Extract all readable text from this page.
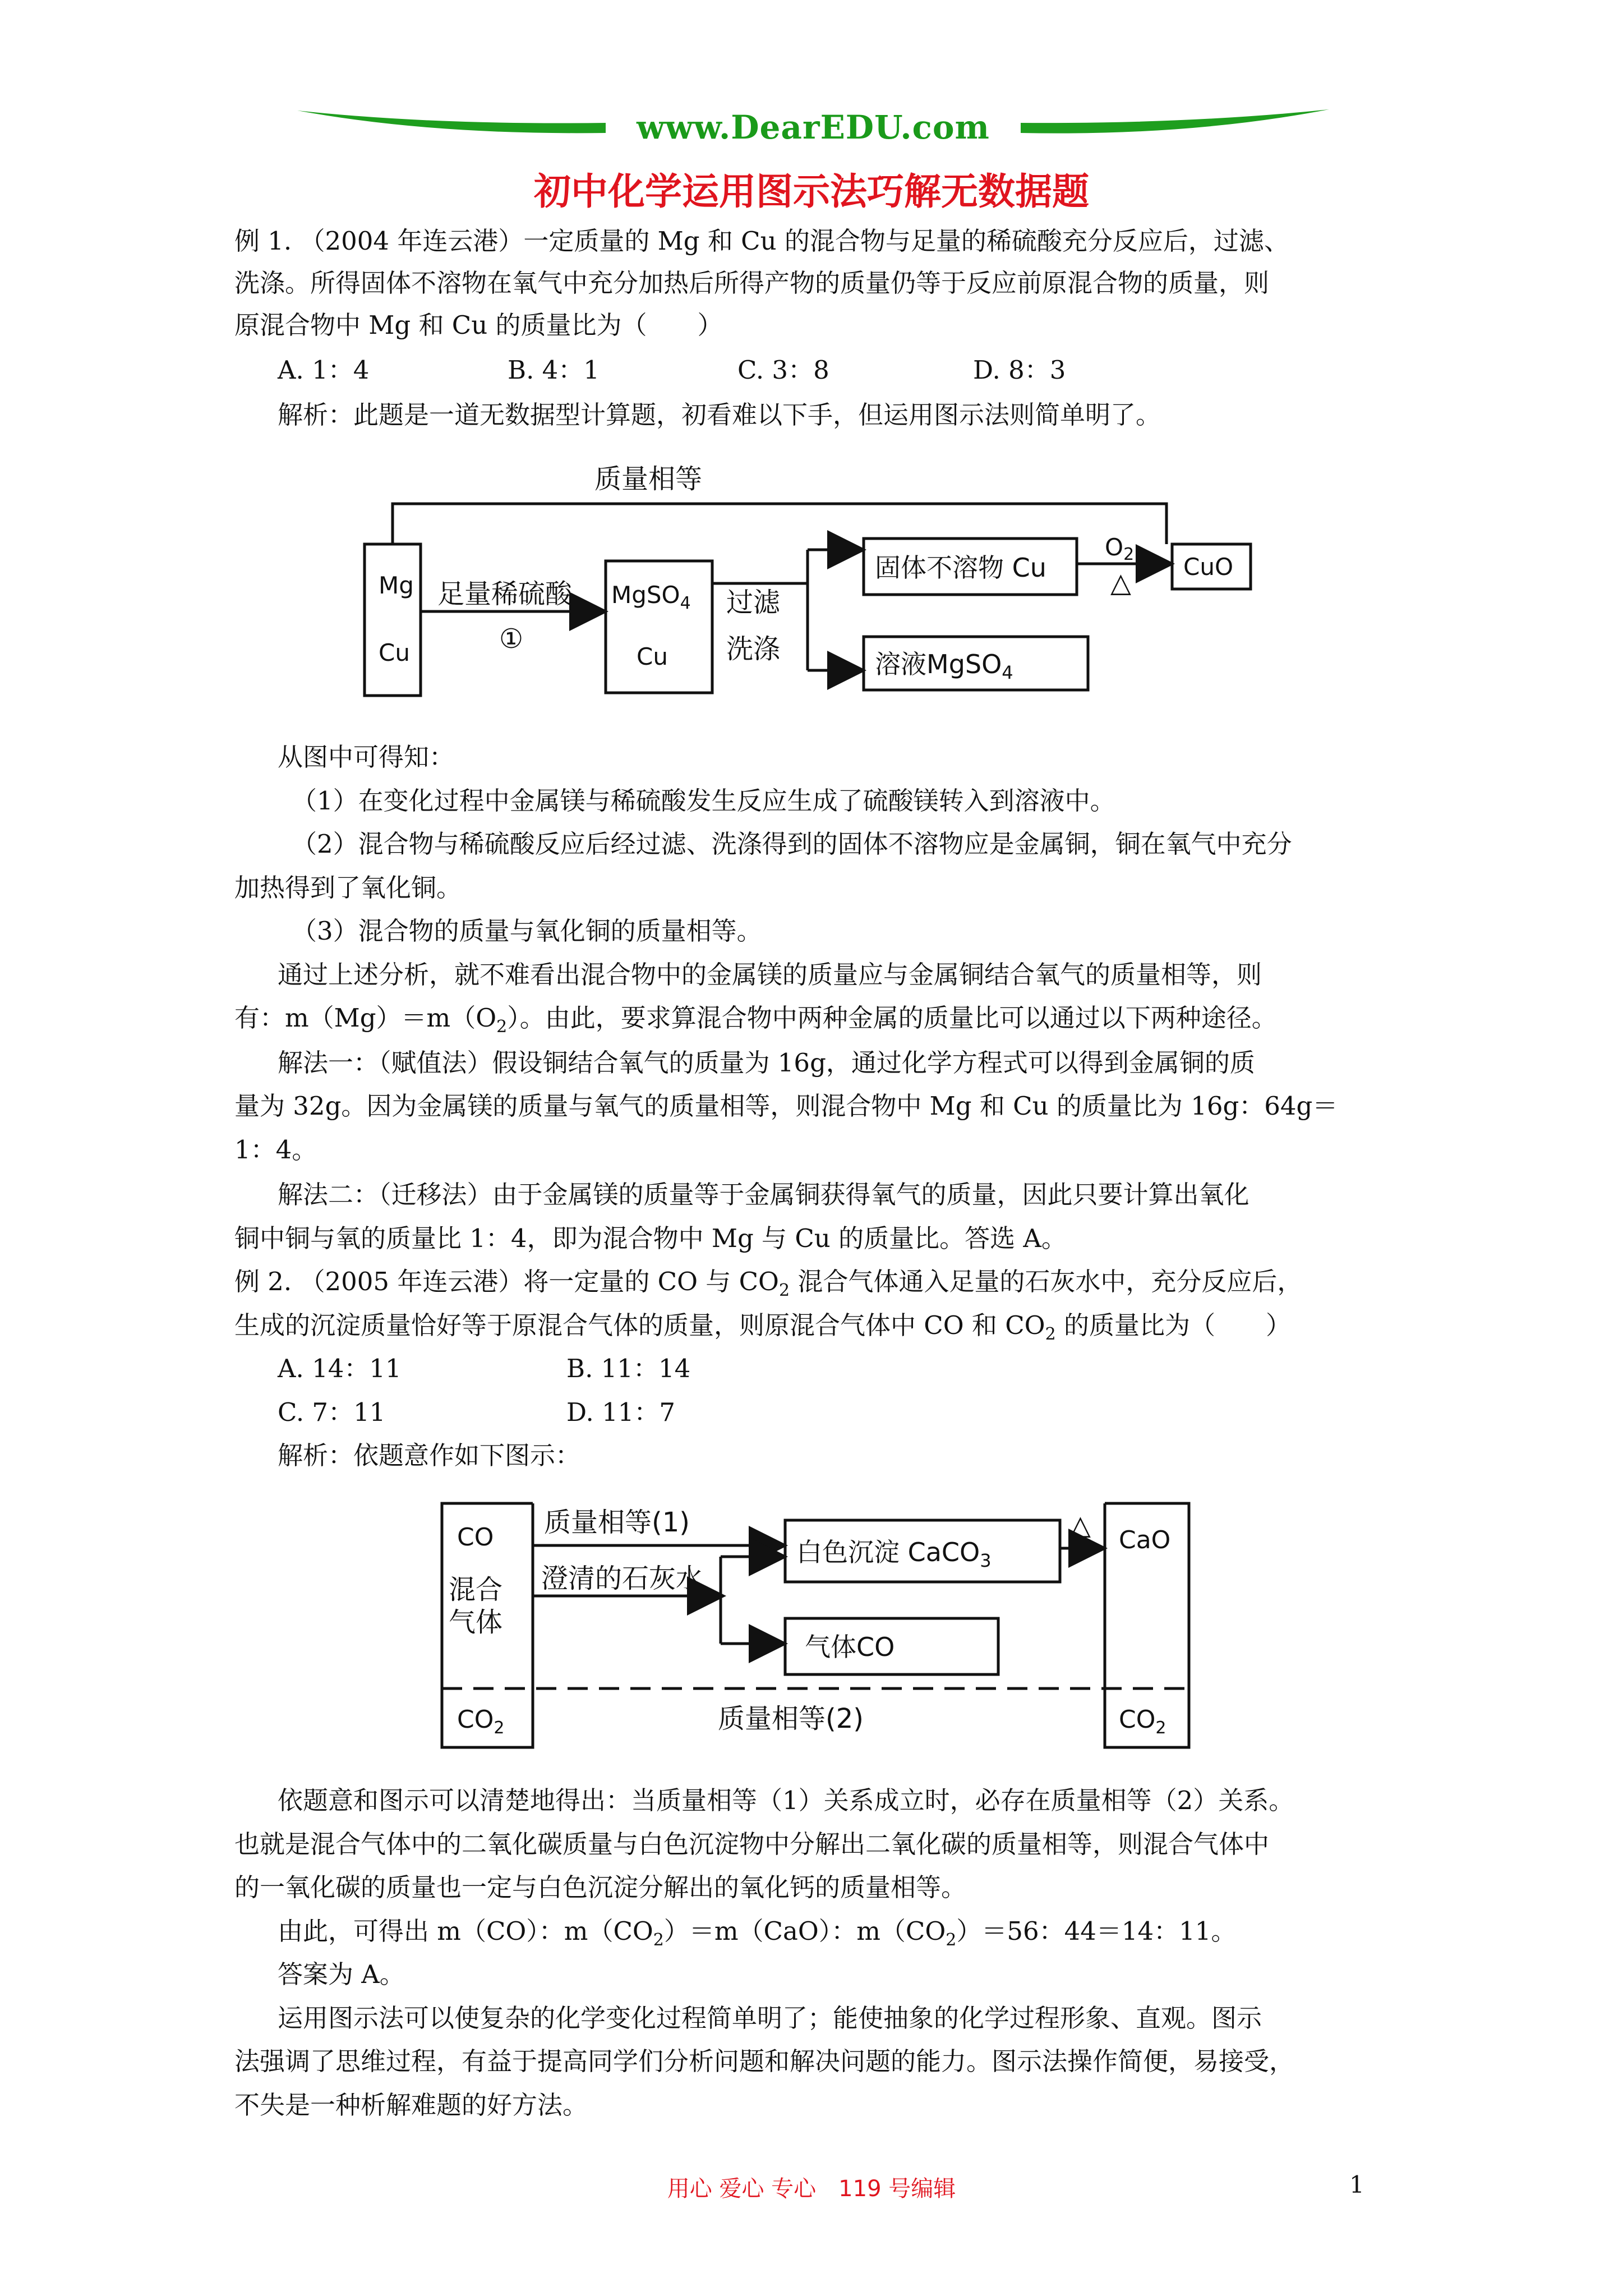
www.DearEDU.com
初中化学运用图示法巧解无数据题
例 1. （2004 年连云港）一定质量的 Mg 和 Cu 的混合物与足量的稀硫酸充分反应后，过滤、
洗涤。所得固体不溶物在氧气中充分加热后所得产物的质量仍等于反应前原混合物的质量，则
原混合物中 Mg 和 Cu 的质量比为（　　）
A. 1：4	B. 4：1	C. 3：8	D. 8：3
解析：此题是一道无数据型计算题，初看难以下手，但运用图示法则简单明了。
质量相等
Mg
Cu
足量稀硫酸
①
MgSO$_4$
Cu
过滤
洗涤
固体不溶物 Cu
O2
△
CuO
溶液MgSO$_4$
从图中可得知：
（1）在变化过程中金属镁与稀硫酸发生反应生成了硫酸镁转入到溶液中。
（2）混合物与稀硫酸反应后经过滤、洗涤得到的固体不溶物应是金属铜，铜在氧气中充分
加热得到了氧化铜。
（3）混合物的质量与氧化铜的质量相等。
通过上述分析，就不难看出混合物中的金属镁的质量应与金属铜结合氧气的质量相等，则
有：$m(Mg)=m(O_2)$。由此，要求算混合物中两种金属的质量比可以通过以下两种途径。
解法一：（赋值法）假设铜结合氧气的质量为 16g，通过化学方程式可以得到金属铜的质
量为 32g。因为金属镁的质量与氧气的质量相等，则混合物中 Mg 和 Cu 的质量比为 16g：64g＝
1：4。
解法二：（迁移法）由于金属镁的质量等于金属铜获得氧气的质量，因此只要计算出氧化
铜中铜与氧的质量比 1：4，即为混合物中 Mg 与 Cu 的质量比。答选 A。
例 2. （2005 年连云港）将一定量的 CO 与 $CO_2$ 混合气体通入足量的石灰水中，充分反应后，
生成的沉淀质量恰好等于原混合气体的质量，则原混合气体中 CO 和 $CO_2$ 的质量比为（　　）
A. 14：11	B. 11：14
C. 7：11	D. 11：7
解析：依题意作如下图示：
CO
混合
气体
质量相等(1)
澄清的石灰水
白色沉淀 CaCO$_3$
△ CaO
气体CO
$CO_2$	质量相等(2)	$CO_2$
依题意和图示可以清楚地得出：当质量相等（1）关系成立时，必存在质量相等（2）关系。
也就是混合气体中的二氧化碳质量与白色沉淀物中分解出二氧化碳的质量相等，则混合气体中
的一氧化碳的质量也一定与白色沉淀分解出的氧化钙的质量相等。
由此，可得出 m（CO）：$m(CO_2)=m(CaO)$：$m(CO_2)=56$：44＝14：11。
答案为 A。
运用图示法可以使复杂的化学变化过程简单明了；能使抽象的化学过程形象、直观。图示
法强调了思维过程，有益于提高同学们分析问题和解决问题的能力。图示法操作简便，易接受，
不失是一种析解难题的好方法。
用心 爱心 专心　119 号编辑	1
